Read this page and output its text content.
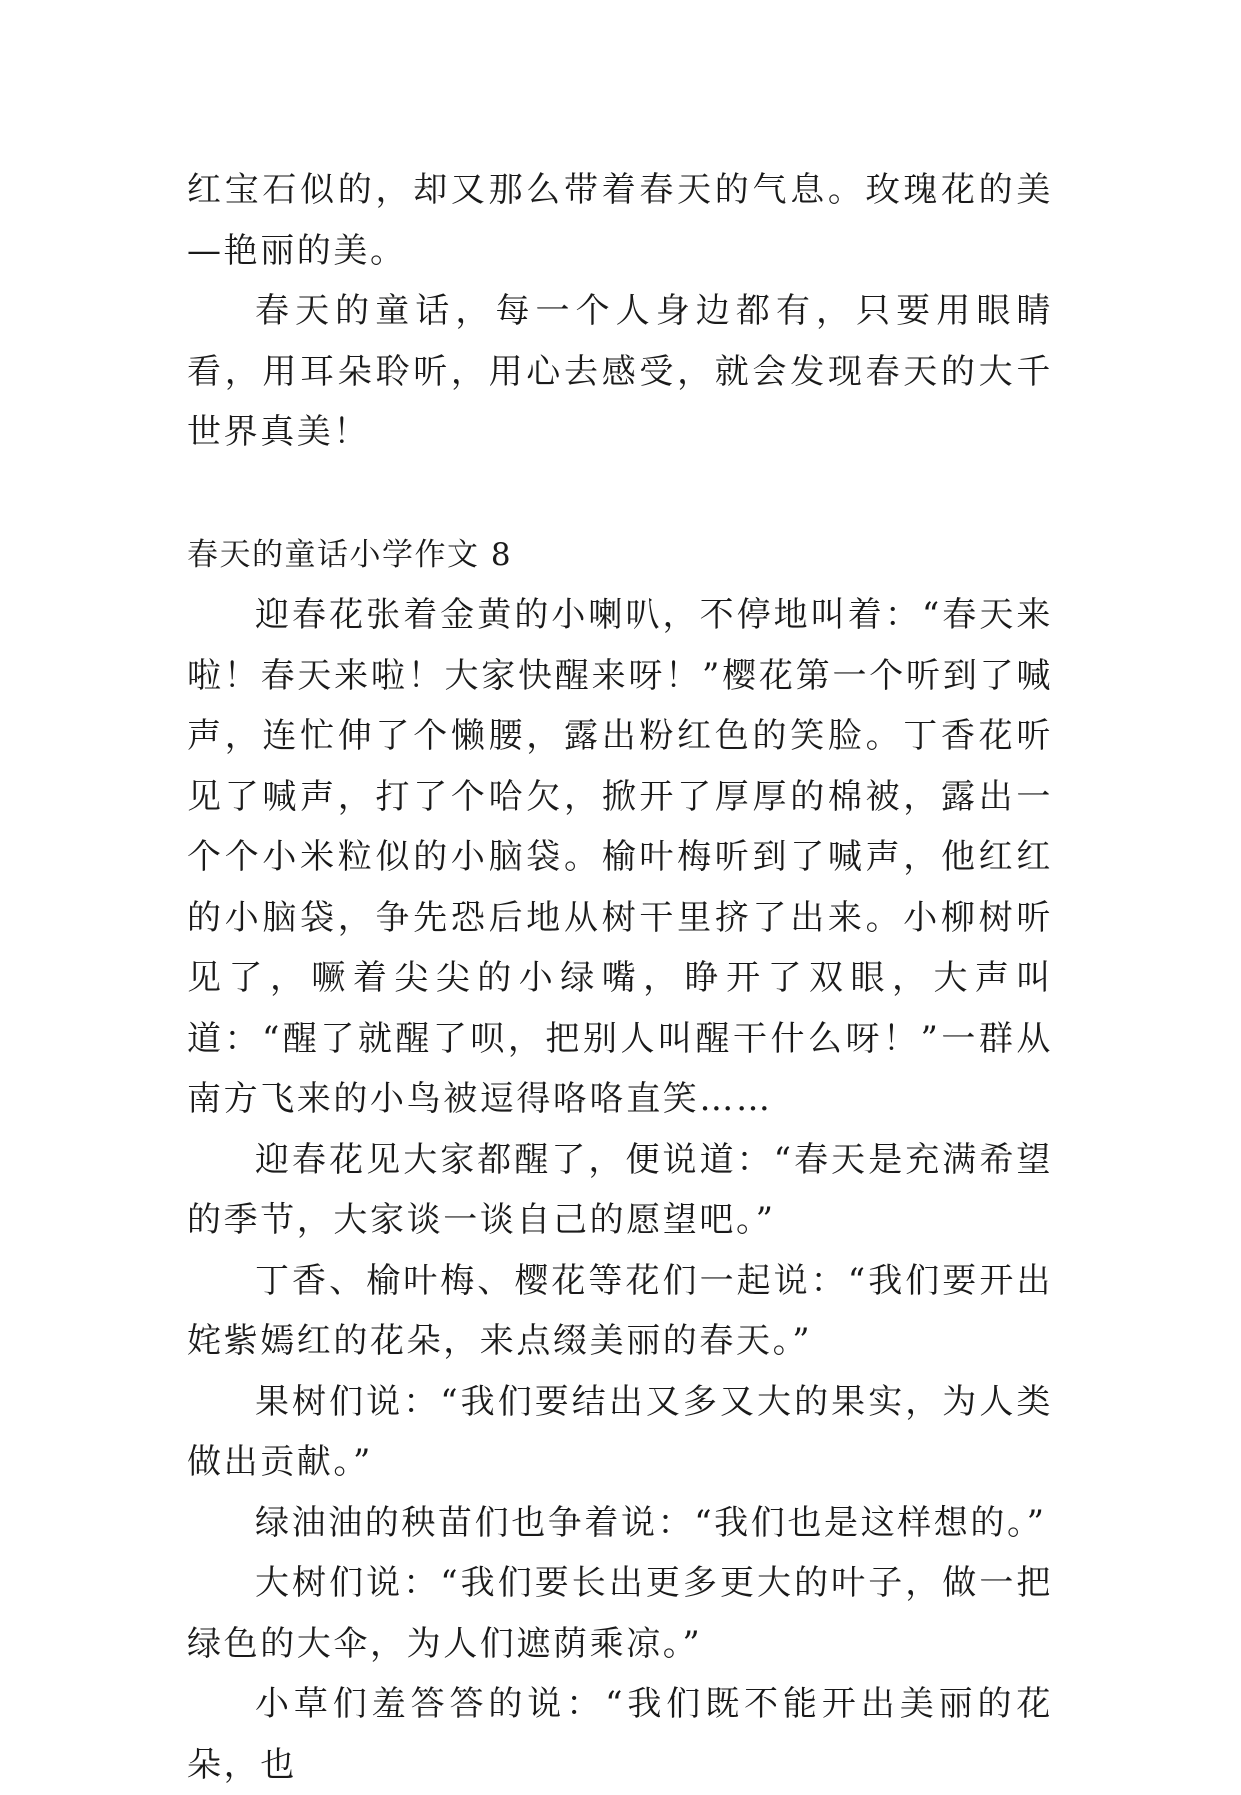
红宝石似的，却又那么带着春天的气息。玫瑰花的美—艳丽的美。

春天的童话，每一个人身边都有，只要用眼睛看，用耳朵聆听，用心去感受，就会发现春天的大千世界真美！

春天的童话小学作文 8

迎春花张着金黄的小喇叭，不停地叫着：“春天来啦！春天来啦！大家快醒来呀！”樱花第一个听到了喊声，连忙伸了个懒腰，露出粉红色的笑脸。丁香花听见了喊声，打了个哈欠，掀开了厚厚的棉被，露出一个个小米粒似的小脑袋。榆叶梅听到了喊声，他红红的小脑袋，争先恐后地从树干里挤了出来。小柳树听见了，噘着尖尖的小绿嘴，睁开了双眼，大声叫道：“醒了就醒了呗，把别人叫醒干什么呀！”一群从南方飞来的小鸟被逗得咯咯直笑……

迎春花见大家都醒了，便说道：“春天是充满希望的季节，大家谈一谈自己的愿望吧。”

丁香、榆叶梅、樱花等花们一起说：“我们要开出姹紫嫣红的花朵，来点缀美丽的春天。”

果树们说：“我们要结出又多又大的果实，为人类做出贡献。”

绿油油的秧苗们也争着说：“我们也是这样想的。”

大树们说：“我们要长出更多更大的叶子，做一把绿色的大伞，为人们遮荫乘凉。”

小草们羞答答的说：“我们既不能开出美丽的花朵，也
